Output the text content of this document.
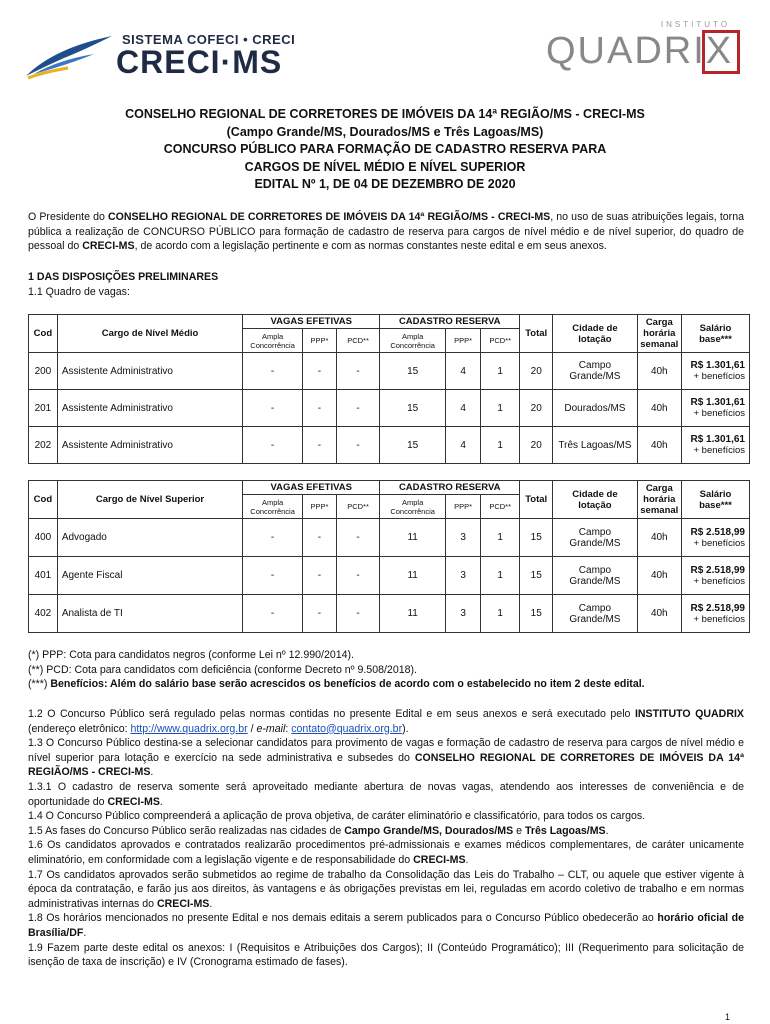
SISTEMA COFECI • CRECI
CRECI·MS
INSTITUTO
QUADRIX
CONSELHO REGIONAL DE CORRETORES DE IMÓVEIS DA 14ª REGIÃO/MS - CRECI-MS
(Campo Grande/MS, Dourados/MS e Três Lagoas/MS)
CONCURSO PÚBLICO PARA FORMAÇÃO DE CADASTRO RESERVA PARA
CARGOS DE NÍVEL MÉDIO E NÍVEL SUPERIOR
EDITAL Nº 1, DE 04 DE DEZEMBRO DE 2020
O Presidente do CONSELHO REGIONAL DE CORRETORES DE IMÓVEIS DA 14ª REGIÃO/MS - CRECI-MS, no uso de suas atribuições legais, torna pública a realização de CONCURSO PÚBLICO para formação de cadastro de reserva para cargos de nível médio e de nível superior, do quadro de pessoal do CRECI-MS, de acordo com a legislação pertinente e com as normas constantes neste edital e em seus anexos.
1 DAS DISPOSIÇÕES PRELIMINARES
1.1 Quadro de vagas:
Cod	Cargo de Nível Médio	VAGAS EFETIVAS			CADASTRO RESERVA			Total	Cidade de lotação	Carga horária semanal	Salário base***
		Ampla Concorrência	PPP*	PCD**	Ampla Concorrência	PPP*	PCD**				
200	Assistente Administrativo	-	-	-	15	4	1	20	Campo Grande/MS	40h	R$ 1.301,61
+ benefícios
201	Assistente Administrativo	-	-	-	15	4	1	20	Dourados/MS	40h	R$ 1.301,61
+ benefícios
202	Assistente Administrativo	-	-	-	15	4	1	20	Três Lagoas/MS	40h	R$ 1.301,61
+ benefícios
Cod	Cargo de Nível Superior	VAGAS EFETIVAS			CADASTRO RESERVA			Total	Cidade de lotação	Carga horária semanal	Salário base***
		Ampla Concorrência	PPP*	PCD**	Ampla Concorrência	PPP*	PCD**				
400	Advogado	-	-	-	11	3	1	15	Campo Grande/MS	40h	R$ 2.518,99
+ benefícios
401	Agente Fiscal	-	-	-	11	3	1	15	Campo Grande/MS	40h	R$ 2.518,99
+ benefícios
402	Analista de TI	-	-	-	11	3	1	15	Campo Grande/MS	40h	R$ 2.518,99
+ benefícios
(*) PPP: Cota para candidatos negros (conforme Lei nº 12.990/2014).
(**) PCD: Cota para candidatos com deficiência (conforme Decreto nº 9.508/2018).
(***) Benefícios: Além do salário base serão acrescidos os benefícios de acordo com o estabelecido no item 2 deste edital.
1.2 O Concurso Público será regulado pelas normas contidas no presente Edital e em seus anexos e será executado pelo INSTITUTO QUADRIX (endereço eletrônico: http://www.quadrix.org.br / e-mail: contato@quadrix.org.br).
1.3 O Concurso Público destina-se a selecionar candidatos para provimento de vagas e formação de cadastro de reserva para cargos de nível médio e nível superior para lotação e exercício na sede administrativa e subsedes do CONSELHO REGIONAL DE CORRETORES DE IMÓVEIS DA 14ª REGIÃO/MS - CRECI-MS.
1.3.1 O cadastro de reserva somente será aproveitado mediante abertura de novas vagas, atendendo aos interesses de conveniência e de oportunidade do CRECI-MS.
1.4 O Concurso Público compreenderá a aplicação de prova objetiva, de caráter eliminatório e classificatório, para todos os cargos.
1.5 As fases do Concurso Público serão realizadas nas cidades de Campo Grande/MS, Dourados/MS e Três Lagoas/MS.
1.6 Os candidatos aprovados e contratados realizarão procedimentos pré-admissionais e exames médicos complementares, de caráter unicamente eliminatório, em conformidade com a legislação vigente e de responsabilidade do CRECI-MS.
1.7 Os candidatos aprovados serão submetidos ao regime de trabalho da Consolidação das Leis do Trabalho – CLT, ou aquele que estiver vigente à época da contratação, e farão jus aos direitos, às vantagens e às obrigações previstas em lei, reguladas em acordo coletivo de trabalho e em normas administrativas internas do CRECI-MS.
1.8 Os horários mencionados no presente Edital e nos demais editais a serem publicados para o Concurso Público obedecerão ao horário oficial de Brasília/DF.
1.9 Fazem parte deste edital os anexos: I (Requisitos e Atribuições dos Cargos); II (Conteúdo Programático); III (Requerimento para solicitação de isenção de taxa de inscrição) e IV (Cronograma estimado de fases).
1
